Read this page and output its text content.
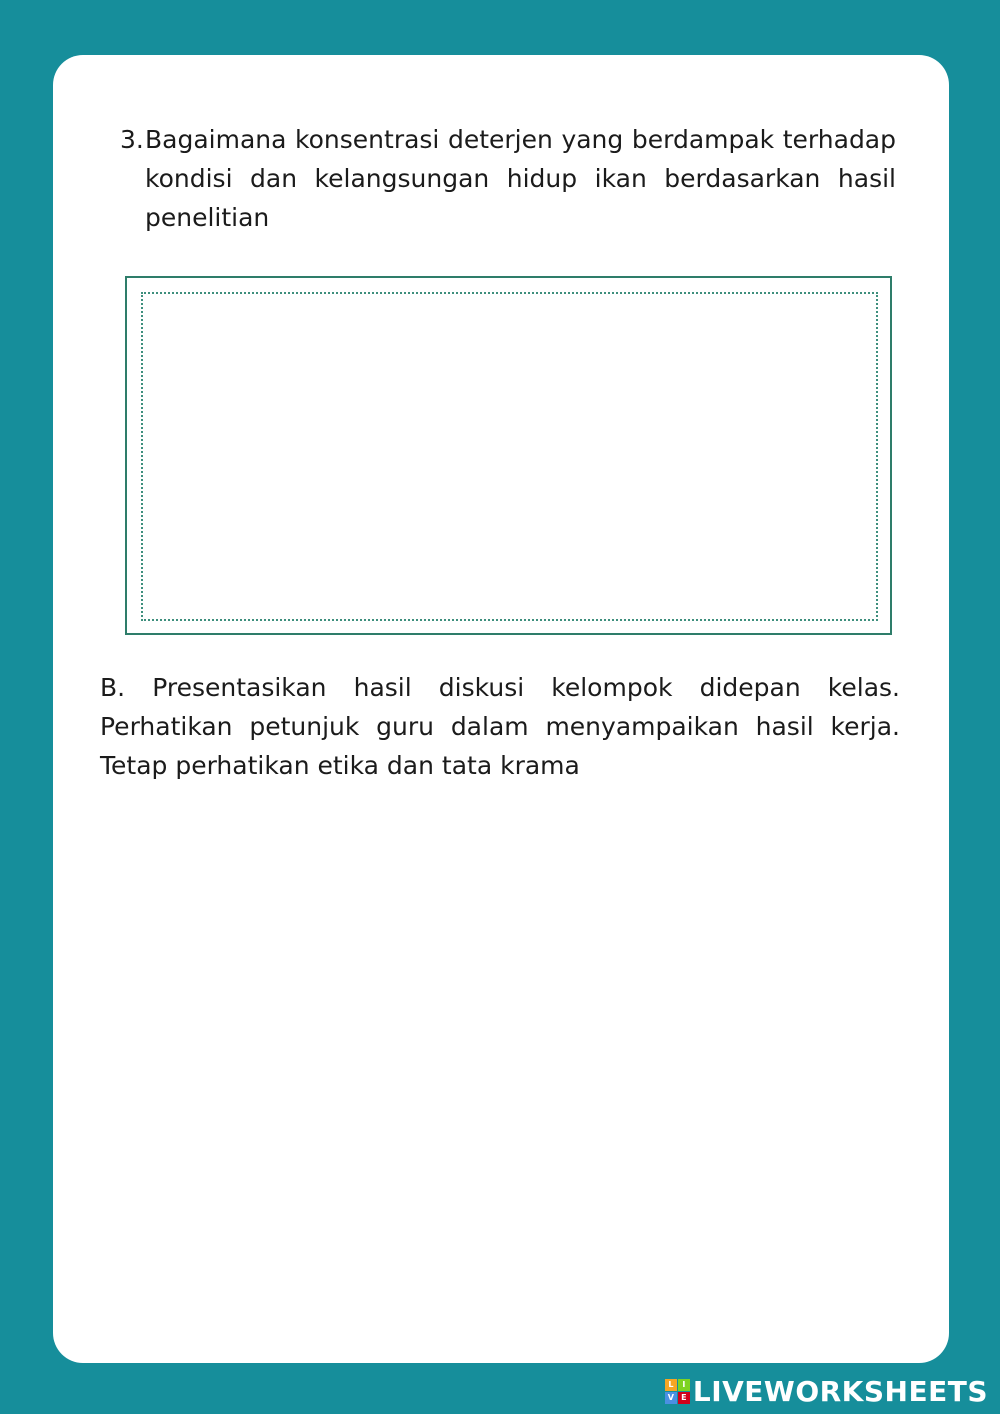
3. Bagaimana konsentrasi deterjen yang berdampak terhadap kondisi dan kelangsungan hidup ikan berdasarkan hasil penelitian
B. Presentasikan hasil diskusi kelompok didepan kelas. Perhatikan petunjuk guru dalam menyampaikan hasil kerja. Tetap perhatikan etika dan tata krama
L	I
V E LIVEWORKSHEETS
